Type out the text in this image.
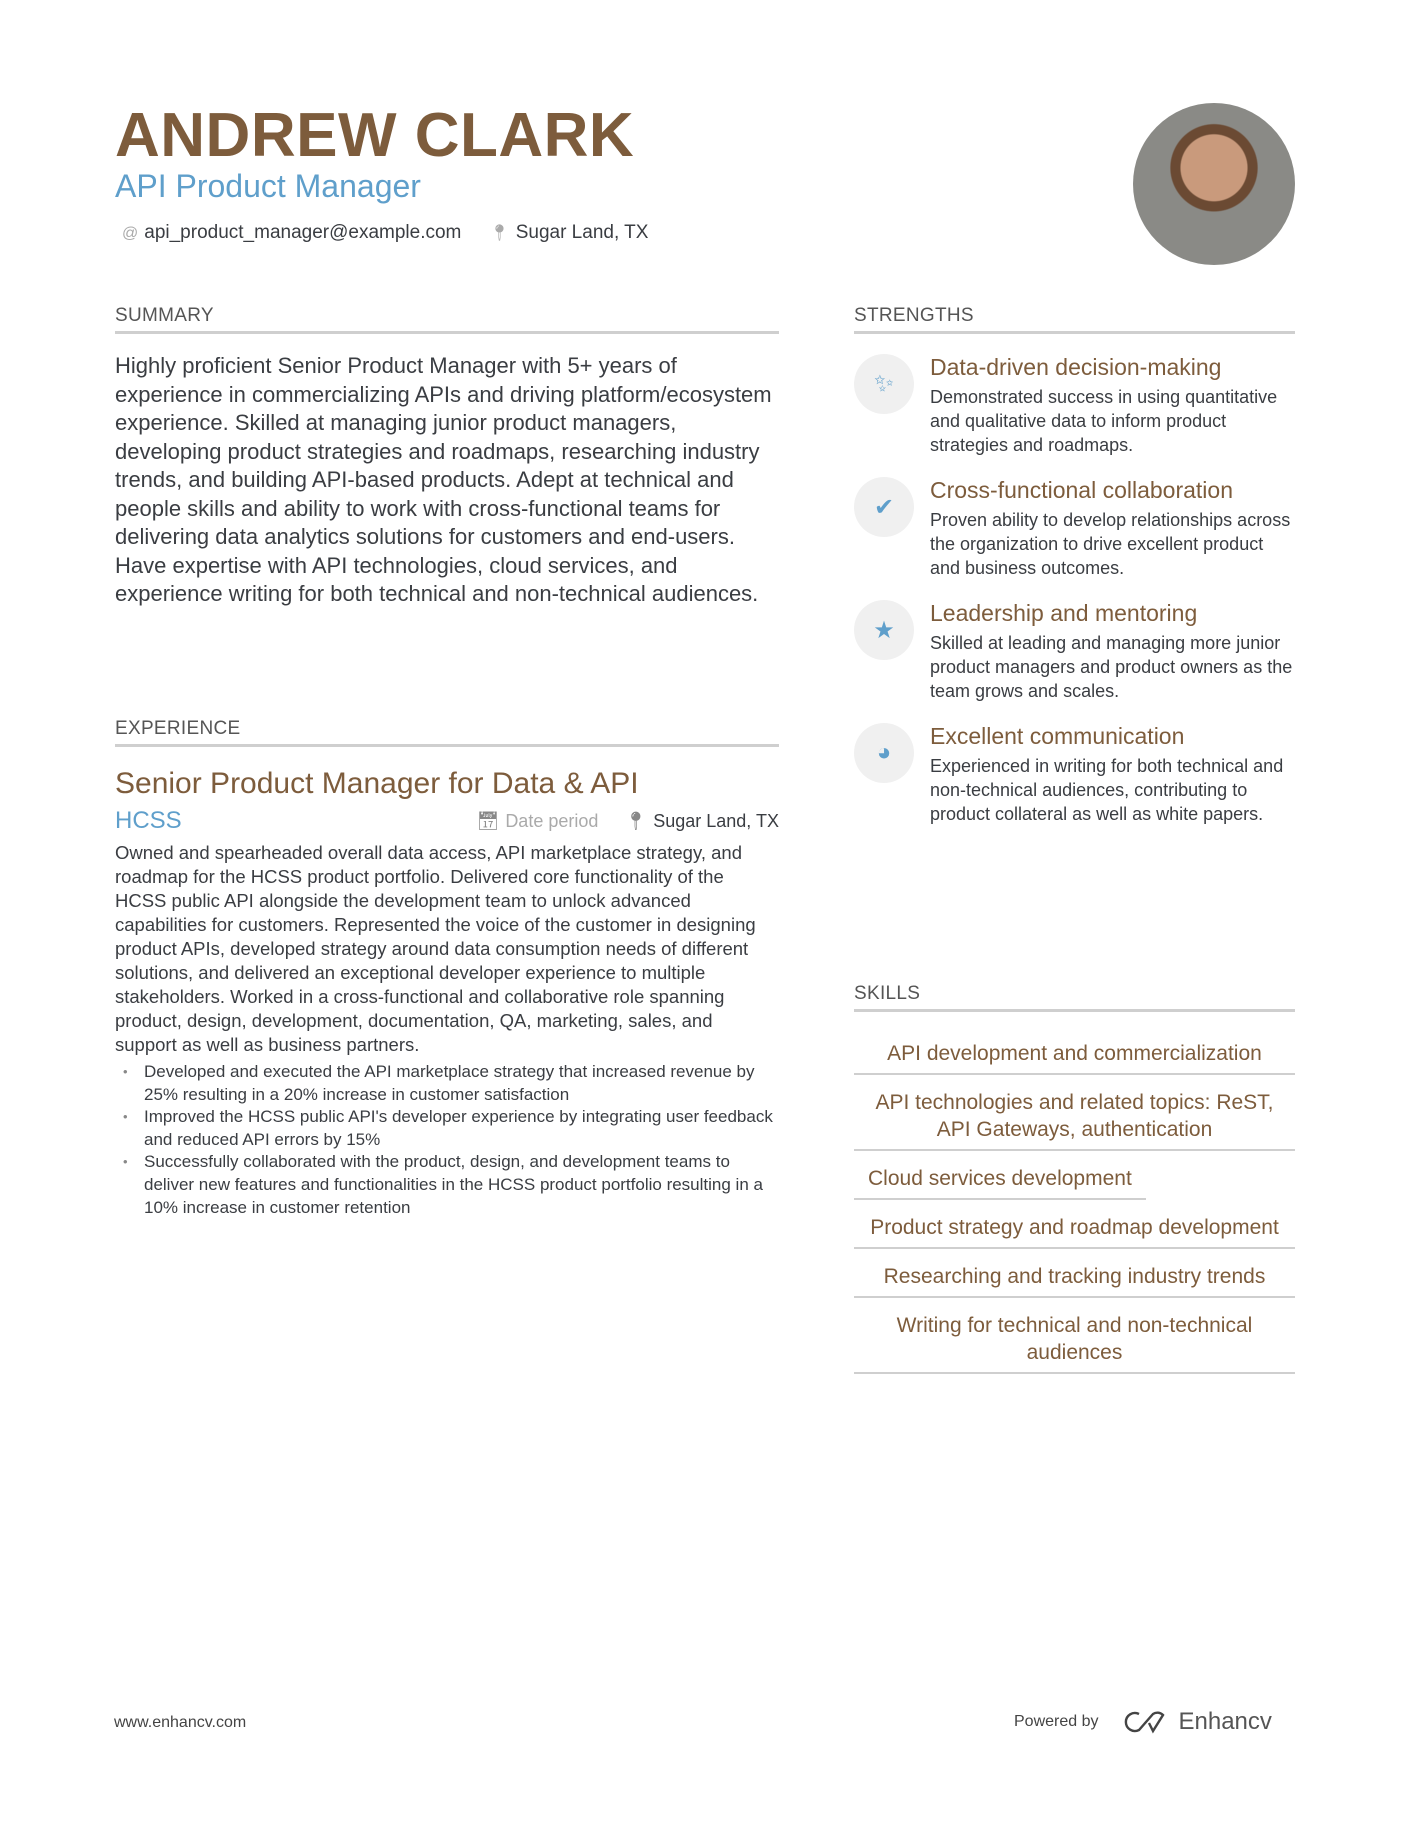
ANDREW CLARK
API Product Manager
@ api_product_manager@example.com 📍︎ Sugar Land, TX
SUMMARY

Highly proficient Senior Product Manager with 5+ years of experience in commercializing APIs and driving platform/ecosystem experience. Skilled at managing junior product managers, developing product strategies and roadmaps, researching industry trends, and building API-based products. Adept at technical and people skills and ability to work with cross-functional teams for delivering data analytics solutions for customers and end-users. Have expertise with API technologies, cloud services, and experience writing for both technical and non-technical audiences.

EXPERIENCE
Senior Product Manager for Data & API
HCSS	📅︎ Date period 📍︎ Sugar Land, TX

Owned and spearheaded overall data access, API marketplace strategy, and roadmap for the HCSS product portfolio. Delivered core functionality of the HCSS public API alongside the development team to unlock advanced capabilities for customers. Represented the voice of the customer in designing product APIs, developed strategy around data consumption needs of different solutions, and delivered an exceptional developer experience to multiple stakeholders. Worked in a cross-functional and collaborative role spanning product, design, development, documentation, QA, marketing, sales, and support as well as business partners.

• Developed and executed the API marketplace strategy that increased revenue by 25% resulting in a 20% increase in customer satisfaction
• Improved the HCSS public API's developer experience by integrating user feedback and reduced API errors by 15%
• Successfully collaborated with the product, design, and development teams to deliver new features and functionalities in the HCSS product portfolio resulting in a 10% increase in customer retention
STRENGTHS
✨︎
Data-driven decision-making

Demonstrated success in using quantitative and qualitative data to inform product strategies and roadmaps.

✔︎
Cross-functional collaboration

Proven ability to develop relationships across the organization to drive excellent product and business outcomes.

★
Leadership and mentoring

Skilled at leading and managing more junior product managers and product owners as the team grows and scales.

◕
Excellent communication

Experienced in writing for both technical and non-technical audiences, contributing to product collateral as well as white papers.

SKILLS
API development and commercialization
API technologies and related topics: ReST, API Gateways, authentication
Cloud services development
Product strategy and roadmap development
Researching and tracking industry trends
Writing for technical and non-technical audiences
www.enhancv.com	Powered by	Enhancv
